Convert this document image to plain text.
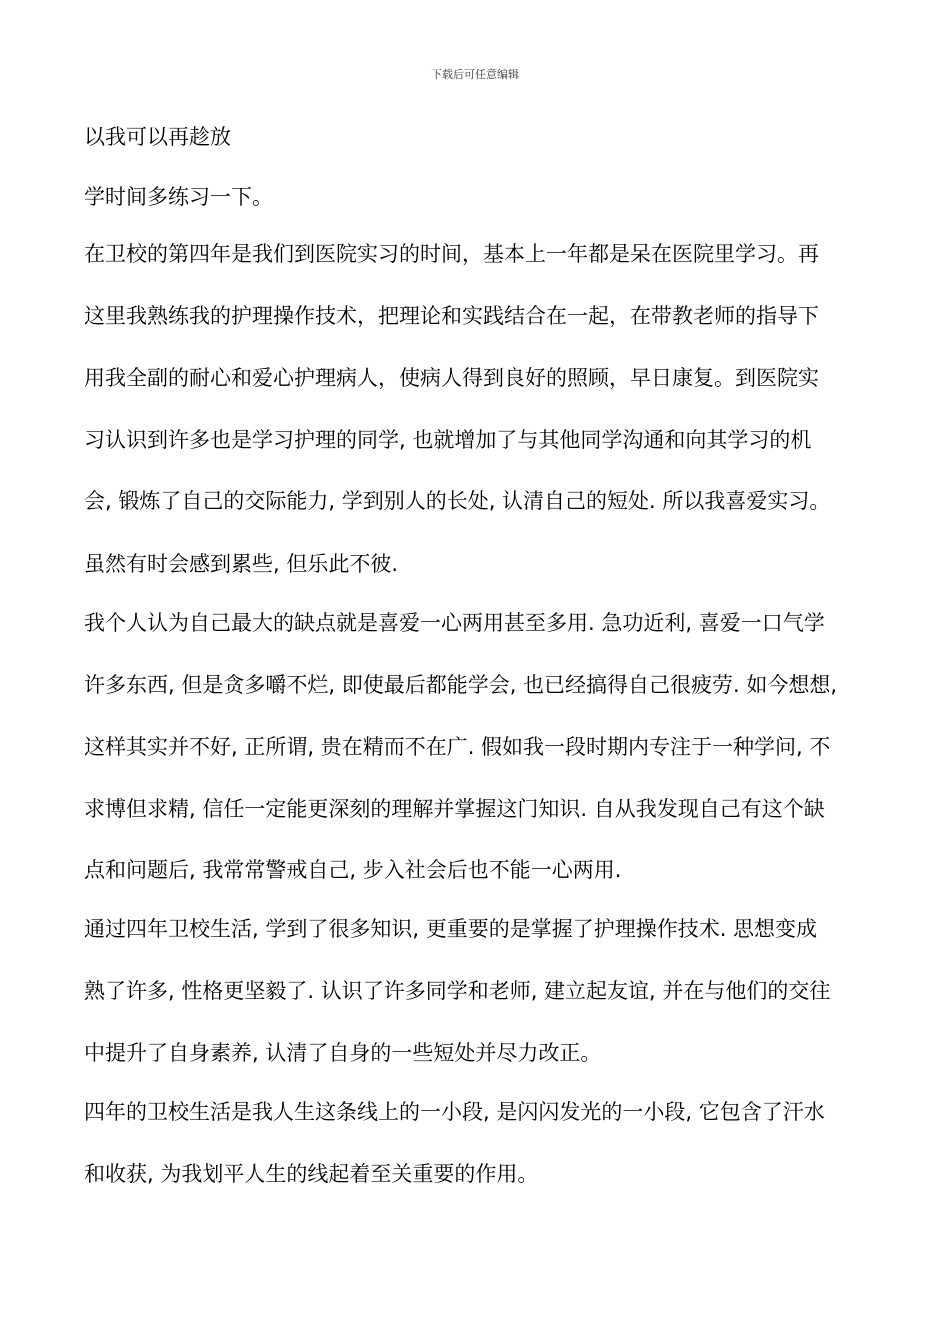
下载后可任意编辑
以我可以再趁放
学时间多练习一下。
在卫校的第四年是我们到医院实习的时间，基本上一年都是呆在医院里学习。再
这里我熟练我的护理操作技术，把理论和实践结合在一起，在带教老师的指导下
用我全副的耐心和爱心护理病人，使病人得到良好的照顾，早日康复。到医院实
习认识到许多也是学习护理的同学, 也就增加了与其他同学沟通和向其学习的机
会, 锻炼了自己的交际能力, 学到别人的长处, 认清自己的短处. 所以我喜爱实习。
虽然有时会感到累些, 但乐此不彼.
我个人认为自己最大的缺点就是喜爱一心两用甚至多用. 急功近利, 喜爱一口气学
许多东西, 但是贪多嚼不烂, 即使最后都能学会, 也已经搞得自己很疲劳. 如今想想,
这样其实并不好, 正所谓, 贵在精而不在广. 假如我一段时期内专注于一种学问, 不
求博但求精, 信任一定能更深刻的理解并掌握这门知识. 自从我发现自己有这个缺
点和问题后, 我常常警戒自己, 步入社会后也不能一心两用.
通过四年卫校生活, 学到了很多知识, 更重要的是掌握了护理操作技术. 思想变成
熟了许多, 性格更坚毅了. 认识了许多同学和老师, 建立起友谊, 并在与他们的交往
中提升了自身素养, 认清了自身的一些短处并尽力改正。
四年的卫校生活是我人生这条线上的一小段, 是闪闪发光的一小段, 它包含了汗水
和收获, 为我划平人生的线起着至关重要的作用。
